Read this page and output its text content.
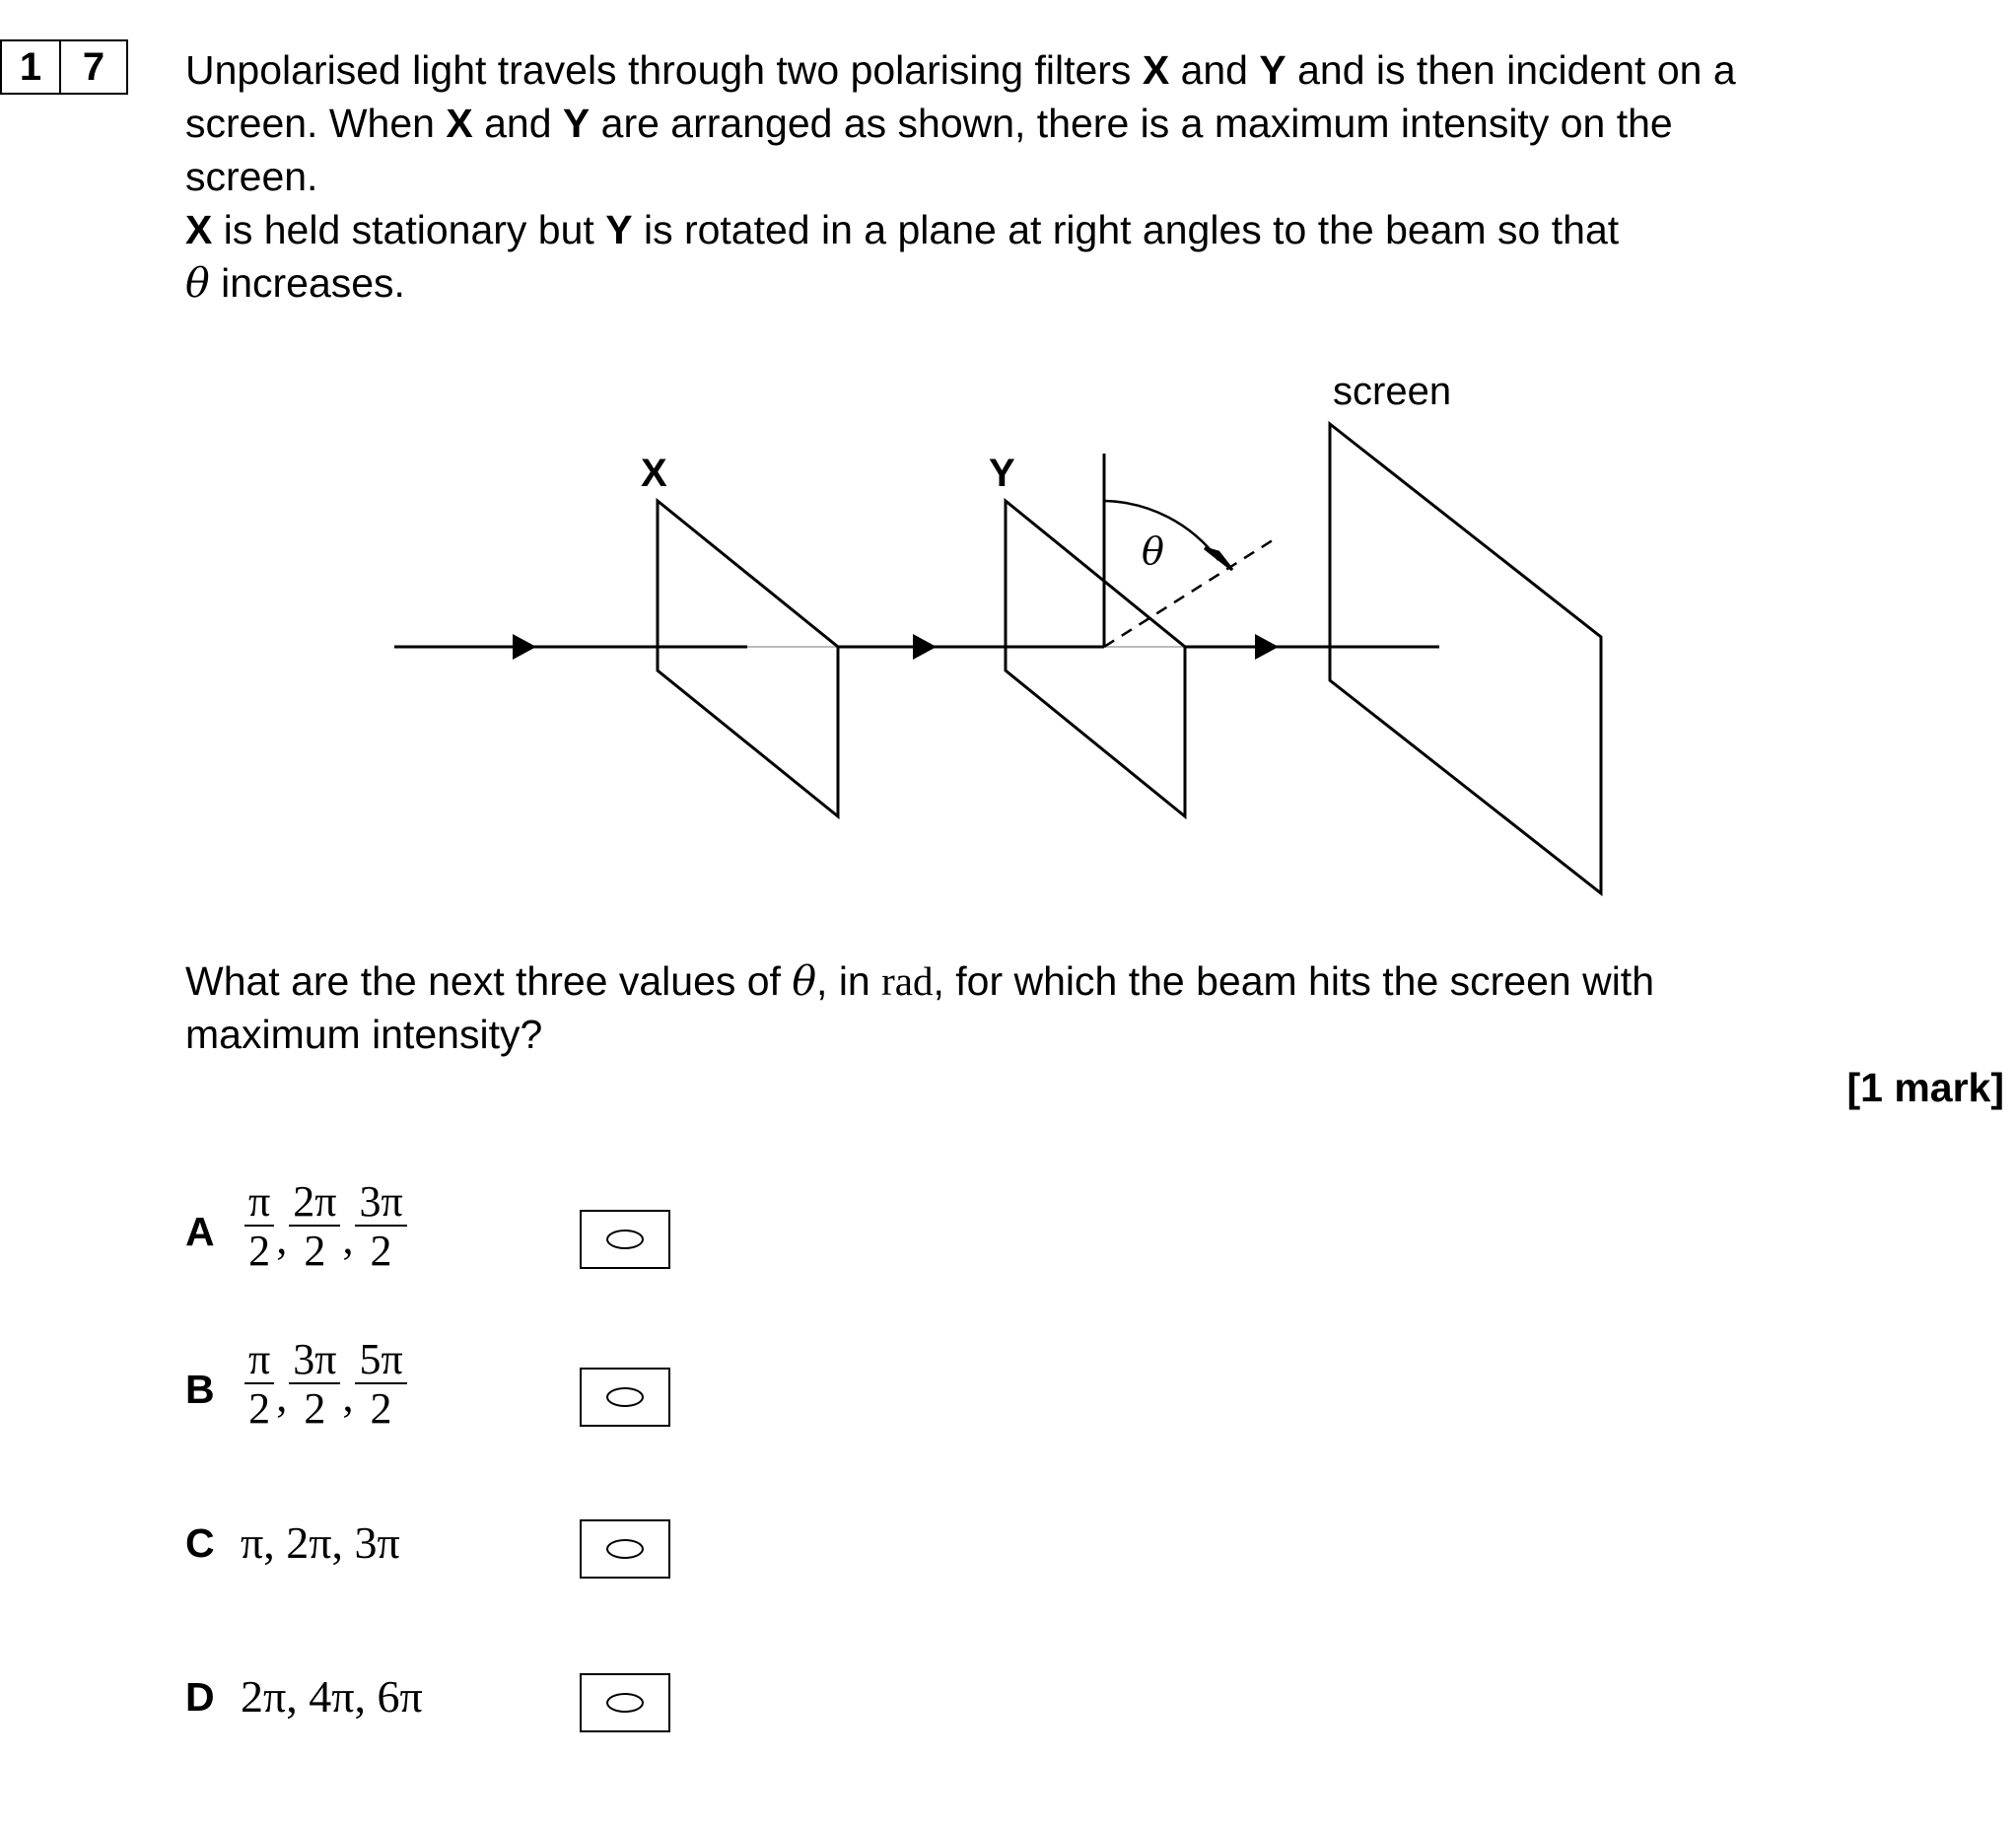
1	7	Unpolarised light travels through two polarising filters X and Y and is then incident on a

screen. When X and Y are arranged as shown, there is a maximum intensity on the

screen.

X is held stationary but Y is rotated in a plane at right angles to the beam so that

θ increases.

X	Y
screen
θ

What are the next three values of θ, in rad, for which the beam hits the screen with

maximum intensity?

[1 mark]
A $\frac{\pi}{2}$ , $\frac{2\pi}{2}$ , $\frac{3\pi}{2}$
B $\frac{\pi}{2}$ , $\frac{3\pi}{2}$ , $\frac{5\pi}{2}$
C π, 2π, 3π
D 2π, 4π, 6π
